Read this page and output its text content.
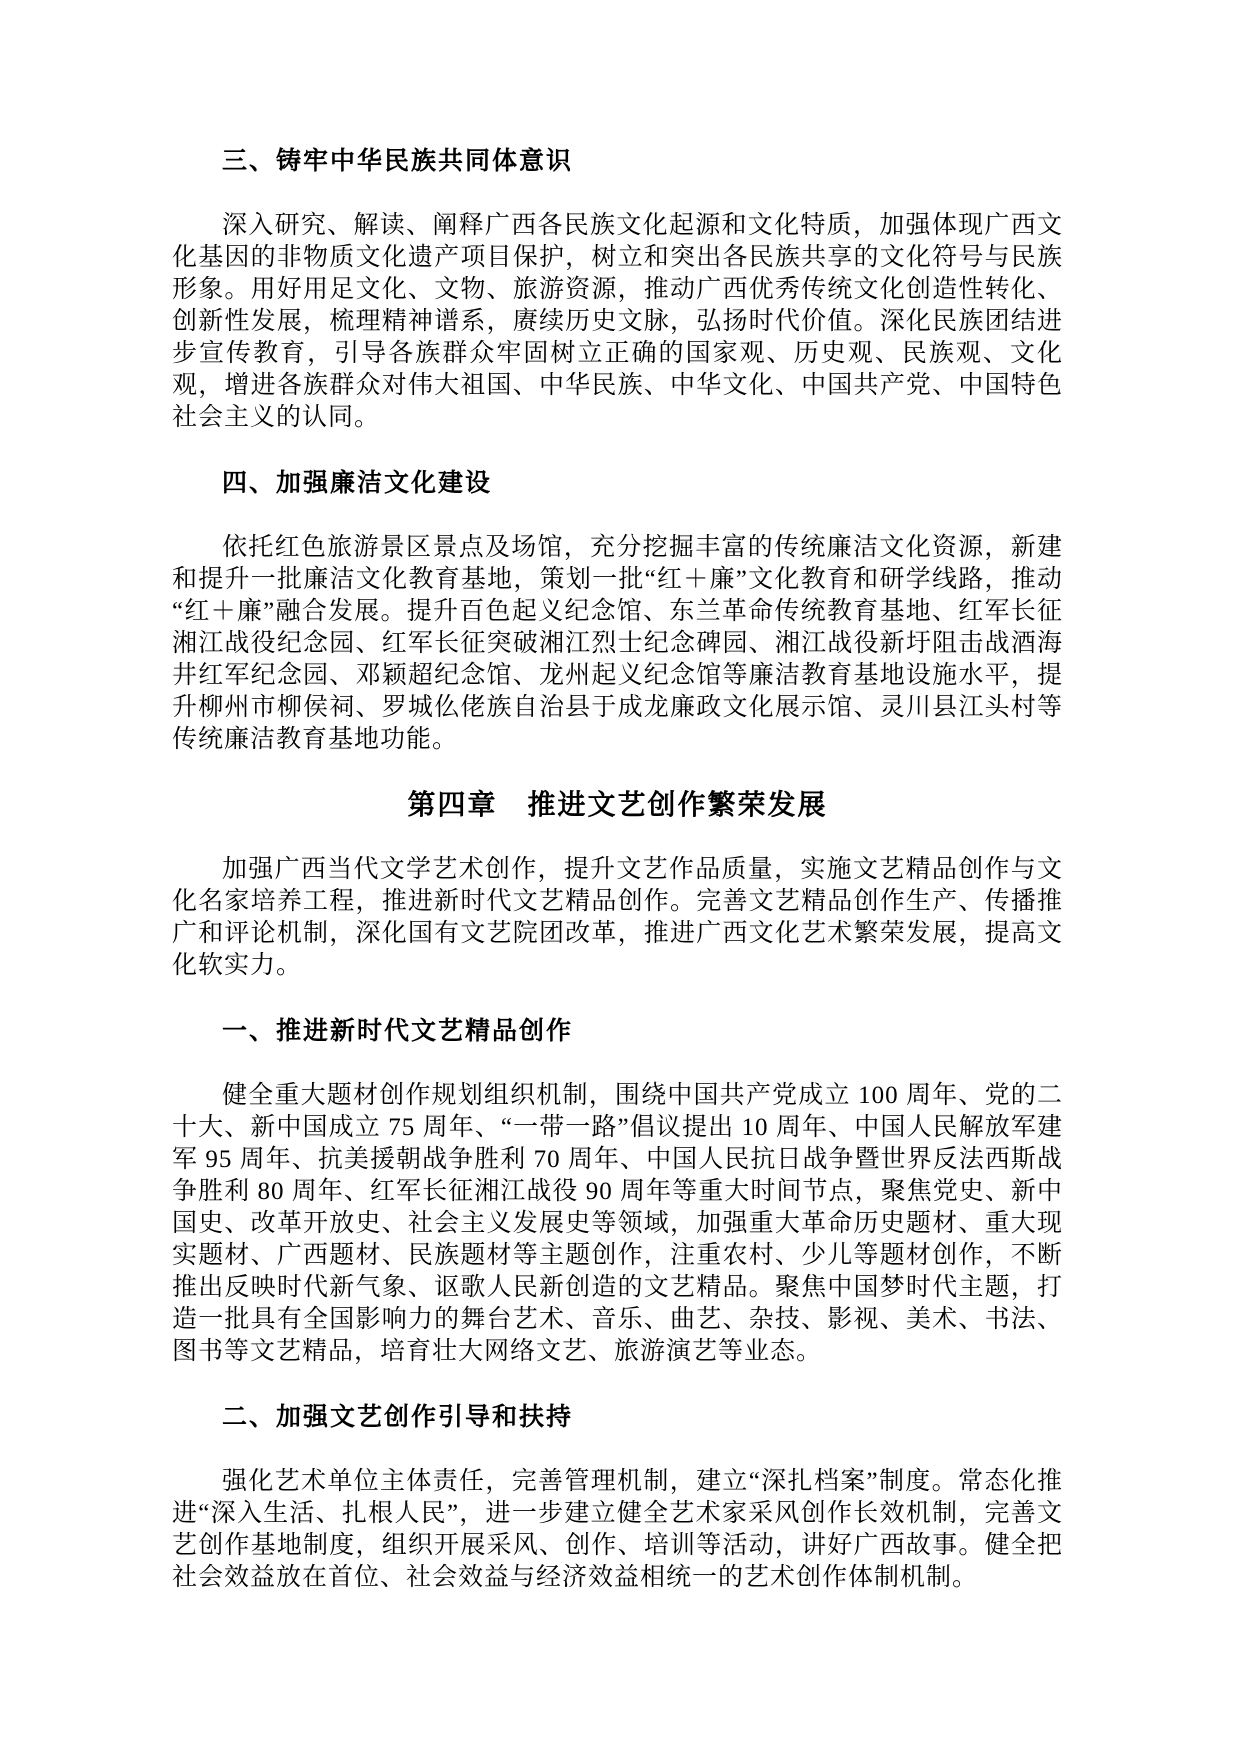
三、铸牢中华民族共同体意识

深入研究、解读、阐释广西各民族文化起源和文化特质，加强体现广西文化基因的非物质文化遗产项目保护，树立和突出各民族共享的文化符号与民族形象。用好用足文化、文物、旅游资源，推动广西优秀传统文化创造性转化、创新性发展，梳理精神谱系，赓续历史文脉，弘扬时代价值。深化民族团结进步宣传教育，引导各族群众牢固树立正确的国家观、历史观、民族观、文化观，增进各族群众对伟大祖国、中华民族、中华文化、中国共产党、中国特色社会主义的认同。

四、加强廉洁文化建设

依托红色旅游景区景点及场馆，充分挖掘丰富的传统廉洁文化资源，新建和提升一批廉洁文化教育基地，策划一批“红＋廉”文化教育和研学线路，推动“红＋廉”融合发展。提升百色起义纪念馆、东兰革命传统教育基地、红军长征湘江战役纪念园、红军长征突破湘江烈士纪念碑园、湘江战役新圩阻击战酒海井红军纪念园、邓颖超纪念馆、龙州起义纪念馆等廉洁教育基地设施水平，提升柳州市柳侯祠、罗城仫佬族自治县于成龙廉政文化展示馆、灵川县江头村等传统廉洁教育基地功能。

第四章　推进文艺创作繁荣发展

加强广西当代文学艺术创作，提升文艺作品质量，实施文艺精品创作与文化名家培养工程，推进新时代文艺精品创作。完善文艺精品创作生产、传播推广和评论机制，深化国有文艺院团改革，推进广西文化艺术繁荣发展，提高文化软实力。

一、推进新时代文艺精品创作

健全重大题材创作规划组织机制，围绕中国共产党成立 100 周年、党的二十大、新中国成立 75 周年、“一带一路”倡议提出 10 周年、中国人民解放军建军 95 周年、抗美援朝战争胜利 70 周年、中国人民抗日战争暨世界反法西斯战争胜利 80 周年、红军长征湘江战役 90 周年等重大时间节点，聚焦党史、新中国史、改革开放史、社会主义发展史等领域，加强重大革命历史题材、重大现实题材、广西题材、民族题材等主题创作，注重农村、少儿等题材创作，不断推出反映时代新气象、讴歌人民新创造的文艺精品。聚焦中国梦时代主题，打造一批具有全国影响力的舞台艺术、音乐、曲艺、杂技、影视、美术、书法、图书等文艺精品，培育壮大网络文艺、旅游演艺等业态。

二、加强文艺创作引导和扶持

强化艺术单位主体责任，完善管理机制，建立“深扎档案”制度。常态化推进“深入生活、扎根人民”，进一步建立健全艺术家采风创作长效机制，完善文艺创作基地制度，组织开展采风、创作、培训等活动，讲好广西故事。健全把社会效益放在首位、社会效益与经济效益相统一的艺术创作体制机制。
